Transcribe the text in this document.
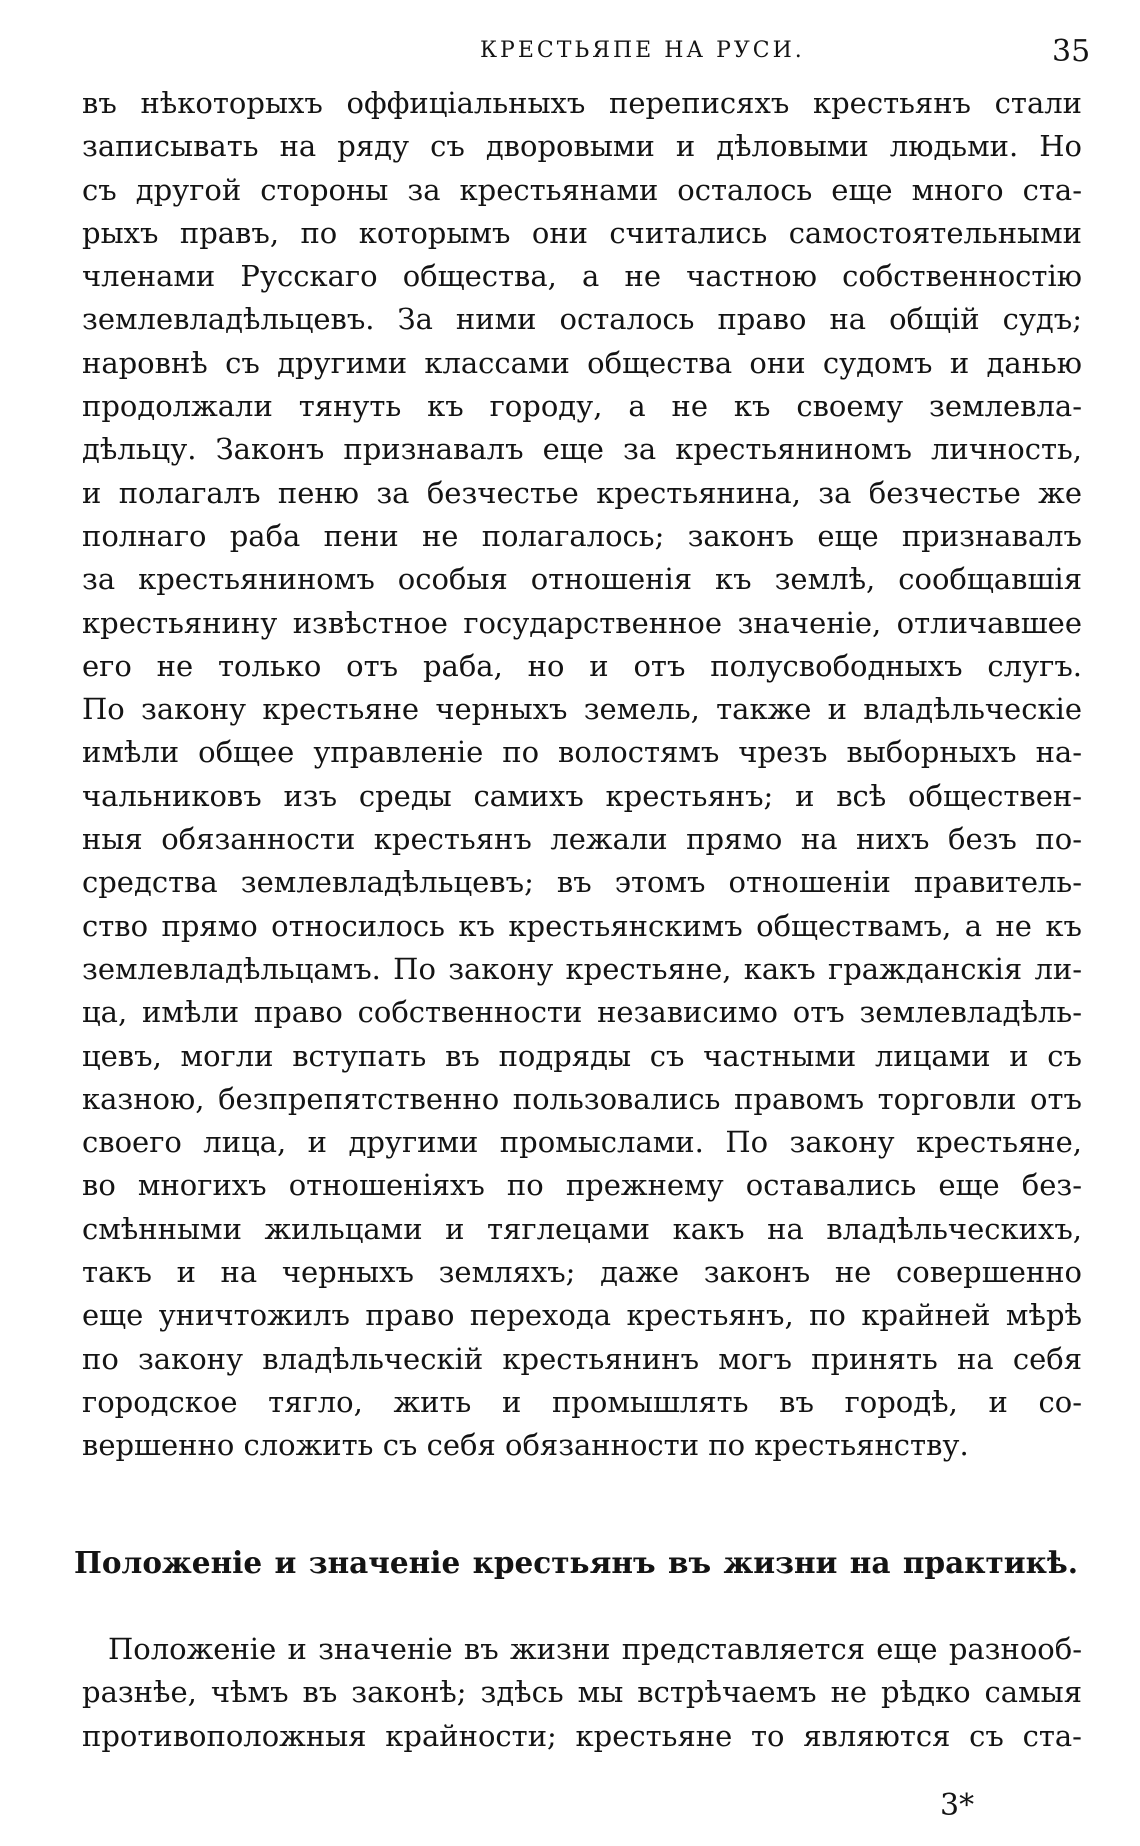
КРЕСТЬЯПЕ НА РУСИ.	35
въ нѣкоторыхъ оффиціальныхъ переписяхъ крестьянъ стали
записывать на ряду съ дворовыми и дѣловыми людьми. Но
съ другой стороны за крестьянами осталось еще много ста-
рыхъ правъ, по которымъ они считались самостоятельными
членами Русскаго общества, а не частною собственностію
землевладѣльцевъ. За ними осталось право на общій судъ;
наровнѣ съ другими классами общества они судомъ и данью
продолжали тянуть къ городу, а не къ своему землевла-
дѣльцу. Законъ признавалъ еще за крестьяниномъ личность,
и полагалъ пеню за безчестье крестьянина, за безчестье же
полнаго раба пени не полагалось; законъ еще признавалъ
за крестьяниномъ особыя отношенія къ землѣ, сообщавшія
крестьянину извѣстное государственное значеніе, отличавшее
его не только отъ раба, но и отъ полусвободныхъ слугъ.
По закону крестьяне черныхъ земель, также и владѣльческіе
имѣли общее управленіе по волостямъ чрезъ выборныхъ на-
чальниковъ изъ среды самихъ крестьянъ; и всѣ общеcтвен-
ныя обязанности крестьянъ лежали прямо на нихъ безъ по-
средства землевладѣльцевъ; въ этомъ отношеніи правитель-
ство прямо относилось къ крестьянскимъ обществамъ, а не къ
землевладѣльцамъ. По закону крестьяне, какъ гражданскія ли-
ца, имѣли право собственности независимо отъ землевладѣль-
цевъ, могли вступать въ подряды съ частными лицами и съ
казною, безпрепятственно пользовались правомъ торговли отъ
своего лица, и другими промыслами. По закону крестьяне,
во многихъ отношеніяхъ по прежнему оставались еще без-
смѣнными жильцами и тяглецами какъ на владѣльческихъ,
такъ и на черныхъ земляхъ; даже законъ не совершенно
еще уничтожилъ право перехода крестьянъ, по крайней мѣрѣ
по закону владѣльческій крестьянинъ могъ принять на себя
городское тягло, жить и промышлять въ городѣ, и со-
вершенно сложить съ себя обязанности по крестьянству.
Положеніе и значеніе крестьянъ въ жизни на практикѣ.
Положеніе и значеніе въ жизни представляется еще разнооб-
разнѣе, чѣмъ въ законѣ; здѣсь мы встрѣчаемъ не рѣдко самыя
противоположныя крайности; крестьяне то являются съ ста-
3*
